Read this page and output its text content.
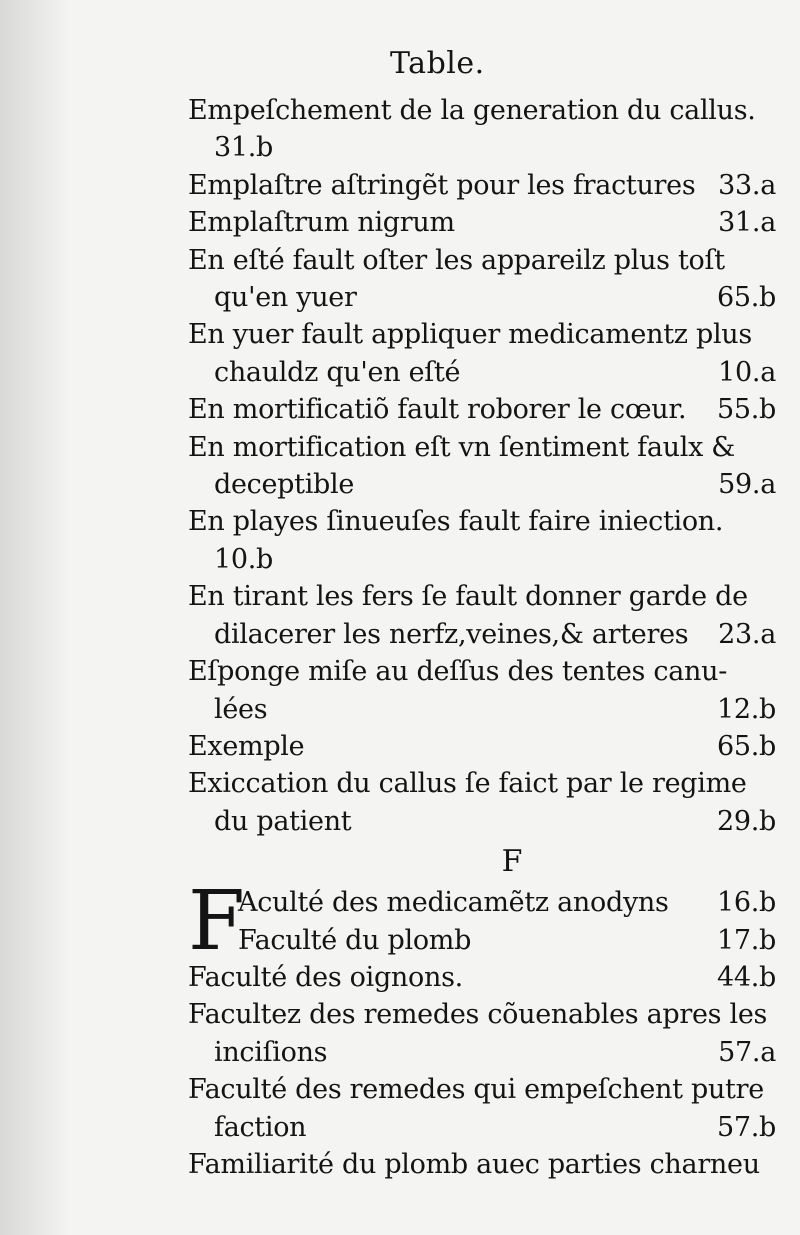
Table.
Empeſchement de la generation du callus.
31.b
Emplaſtre aſtringẽt pour les fractures 33.a
Emplaſtrum nigrum	31.a
En eſté fault oſter les appareilz plus toſt
qu'en yuer	65.b
En yuer fault appliquer medicamentz plus
chauldz qu'en eſté	10.a
En mortificatiõ fault roborer le cœur. 55.b
En mortification eſt vn ſentiment faulx &
deceptible	59.a
En playes ſinueuſes fault faire iniection.
10.b
En tirant les fers ſe fault donner garde de
dilacerer les nerfz,veines,& arteres 23.a
Eſponge miſe au deſſus des tentes canu-
lées	12.b
Exemple	65.b
Exiccation du callus ſe faict par le regime
du patient	29.b
F
F
Aculté des medicamẽtz anodyns 16.b
Faculté du plomb	17.b
Faculté des oignons.	44.b
Facultez des remedes cõuenables apres les
inciſions	57.a
Faculté des remedes qui empeſchent putre
faction	57.b
Familiarité du plomb auec parties charneu
